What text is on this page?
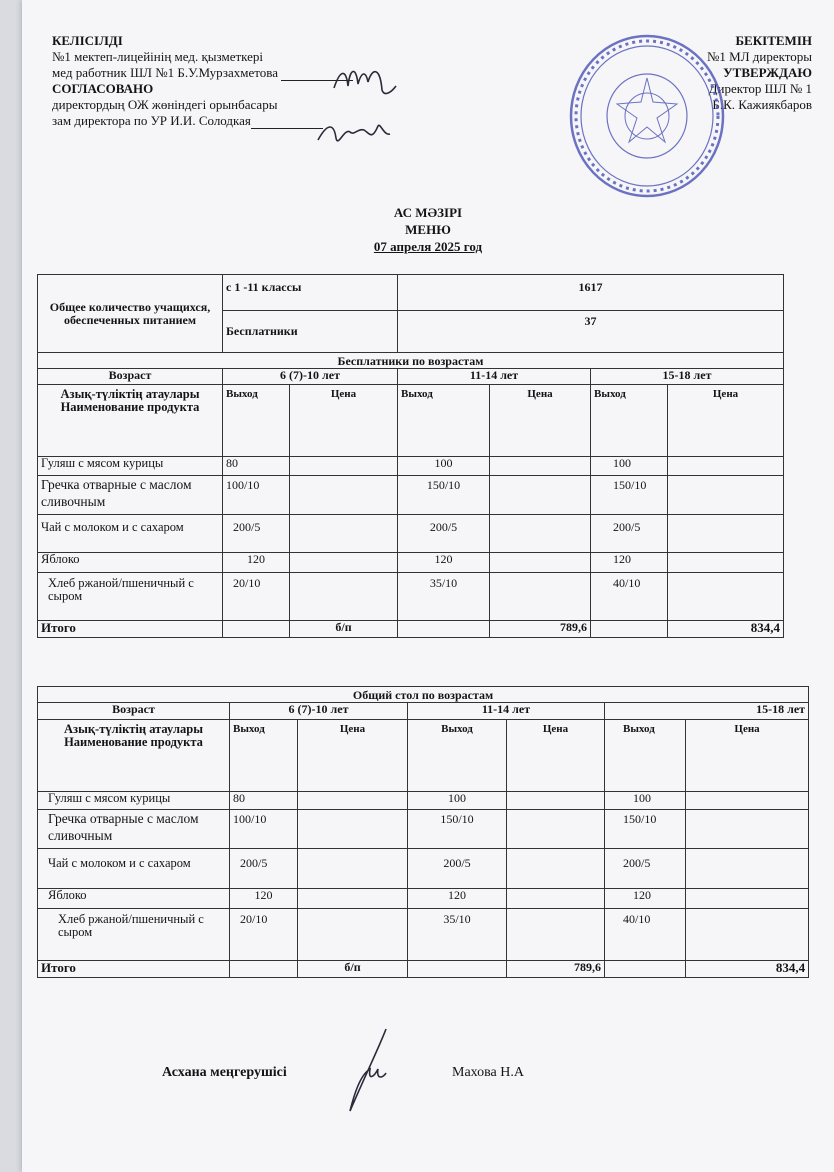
КЕЛІСІЛДІ
№1 мектеп-лицейінің мед. қызметкері
мед работник ШЛ №1 Б.У.Мурзахметова
СОГЛАСОВАНО
директордың ОЖ жөніндегі орынбасары
зам директора по УР И.И. Солодкая
БЕКІТЕМІН
№1 МЛ директоры
УТВЕРЖДАЮ
Директор ШЛ № 1
Б.К. Кажиякбаров
АС МӘЗІРІ
МЕНЮ
07 апреля 2025 год
Общее количество учащихся, обеспеченных питанием	с 1 -11 классы		1617			
	Бесплатники		37			
Бесплатники по возрастам						
Возраст	6 (7)-10 лет		11-14 лет		15-18 лет	
Азық-түліктің атаулары Наименование продукта	Выход	Цена	Выход	Цена	Выход	Цена
Гуляш с мясом курицы	80		100		100	
Гречка отварные с маслом сливочным	100/10		150/10		150/10	
Чай с молоком и с сахаром	200/5		200/5		200/5	
Яблоко	120		120		120	
Хлеб ржаной/пшеничный с сыром	20/10		35/10		40/10	
Итого		б/п		789,6		834,4
Общий стол по возрастам						
Возраст	6 (7)-10 лет		11-14 лет		15-18 лет	
Азық-түліктің атаулары Наименование продукта	Выход	Цена	Выход	Цена	Выход	Цена
Гуляш с мясом курицы	80		100		100	
Гречка отварные с маслом сливочным	100/10		150/10		150/10	
Чай с молоком и с сахаром	200/5		200/5		200/5	
Яблоко	120		120		120	
Хлеб ржаной/пшеничный с сыром	20/10		35/10		40/10	
Итого		б/п		789,6		834,4
Асхана меңгерушісі	Махова Н.А
